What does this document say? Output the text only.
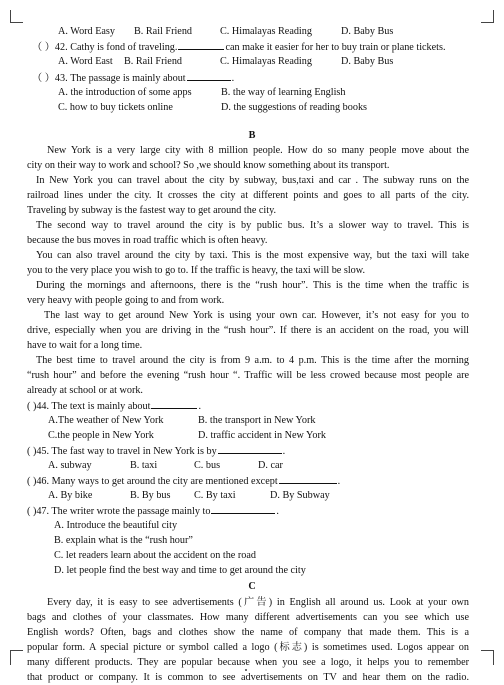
A. Word Easy B. Rail Friend	C. Himalayas Reading	D. Baby Bus
（ ）42. Cathy is fond of traveling.	can make it easier for her to buy train or plane tickets.
A. Word East B. Rail Friend	C. Himalayas Reading	D. Baby Bus
（ ）43. The passage is mainly about	.
A. the introduction of some apps	B. the way of learning English
C. how to buy tickets online	D. the suggestions of reading books
B
New York is a very large city with 8 million people. How do so many people move about the
city on their way to work and school? So ,we should know something about its transport.
In New York you can travel about the city by subway, bus,taxi and car . The subway runs on the
railroad lines under the city. It crosses the city at different points and goes to all parts of the city.
Traveling by subway is the fastest way to get around the city.
The second way to travel around the city is by public bus. It’s a slower way to travel. This is
because the bus moves in road traffic which is often heavy.
You can also travel around the city by taxi. This is the most expensive way, but the taxi will take
you to the very place you wish to go to. If the traffic is heavy, the taxi will be slow.
During the mornings and afternoons, there is the “rush hour”. This is the time when the traffic is
very heavy with people going to and from work.
The last way to get around New York is using your own car. However, it’s not easy for you to
drive, especially when you are driving in the “rush hour”. If there is an accident on the road, you will
have to wait for a long time.
The best time to travel around the city is from 9 a.m. to 4 p.m. This is the time after the morning
“rush hour” and before the evening “rush hour “. Traffic will be less crowed because most people are
already at school or at work.
( )44. The text is mainly about	.
A.The weather of New York	B. the transport in New York
C.the people in New York	D. traffic accident in New York
( )45. The fast way to travel in New York is by	.
A. subway	B. taxi	C. bus	D. car
( )46. Many ways to get around the city are mentioned except	.
A. By bike	B. By bus C. By taxi	D. By Subway
( )47. The writer wrote the passage mainly to	.
A. Introduce the beautiful city
B. explain what is the “rush hour”
C. let readers learn about the accident on the road
D. let people find the best way and time to get around the city
C
Every day, it is easy to see advertisements (广告) in English all around us. Look at your own
bags and clothes of your classmates. How many different advertisements can you see which use
English words? Often, bags and clothes show the name of company that made them. This is a
popular form. A special picture or symbol called a logo (标志) is sometimes used. Logos appear on
many different products. They are popular because when you see a logo, it helps you to remember
that product or company. It is common to see advertisements on TV and hear them on the radio.
